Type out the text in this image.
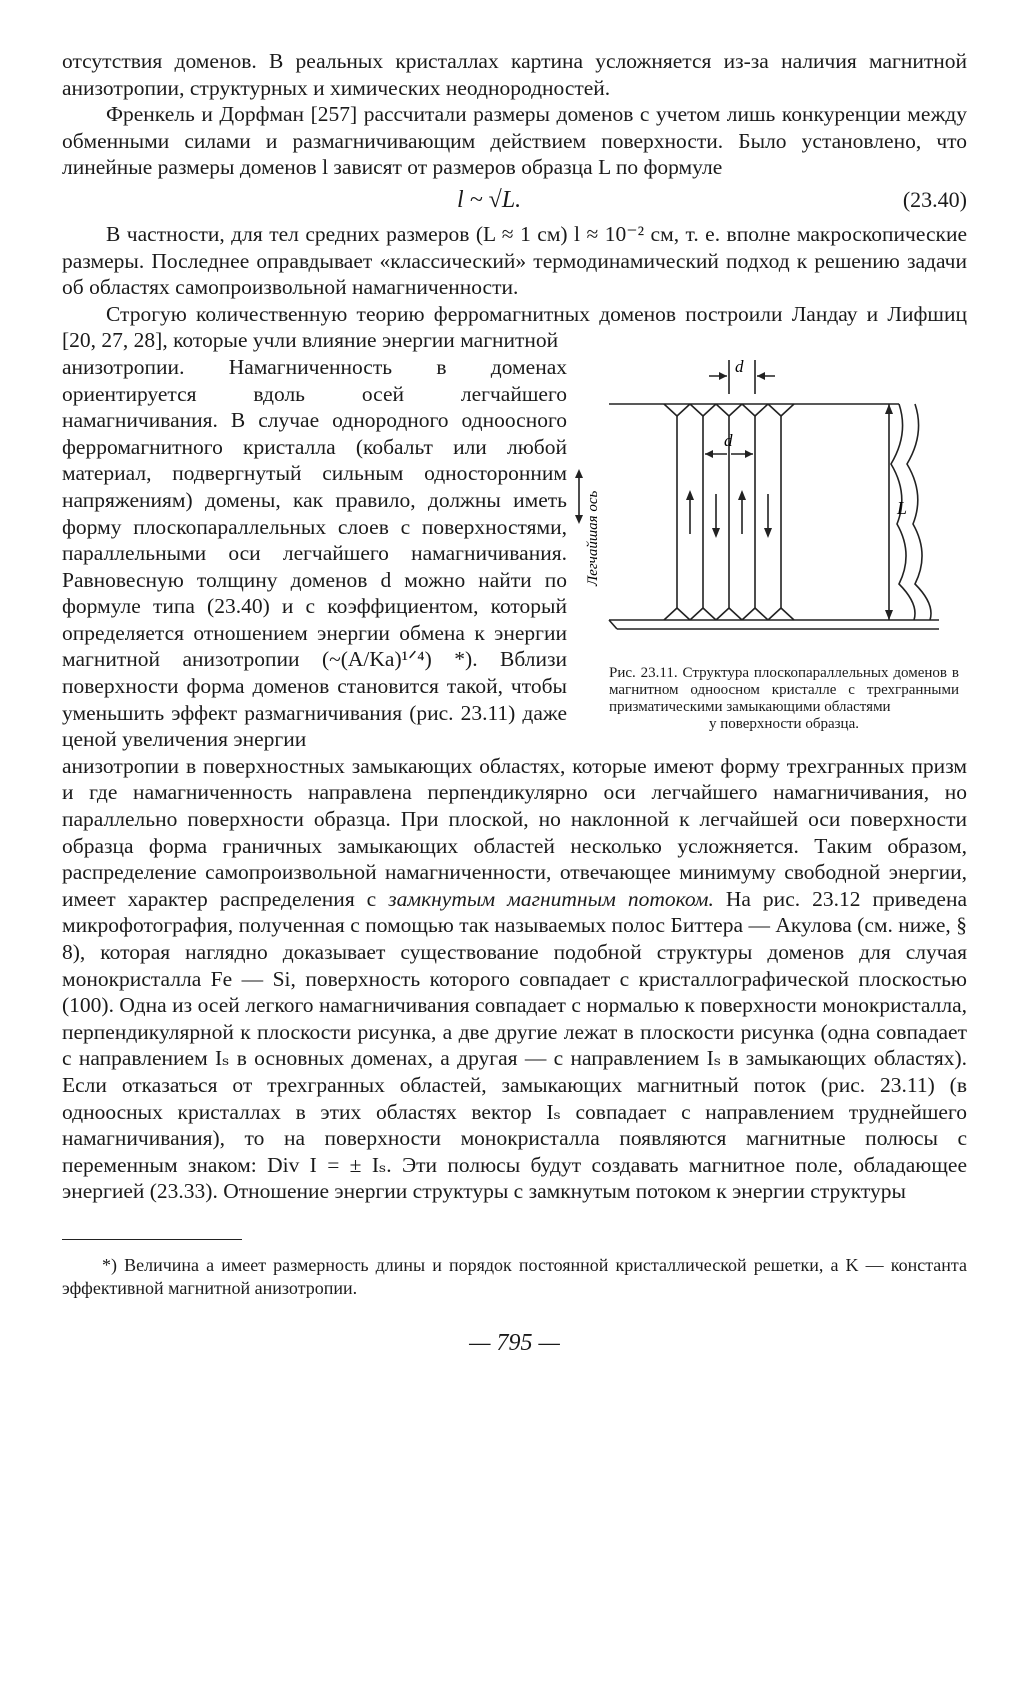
отсутствия доменов. В реальных кристаллах картина усложняется из-за наличия магнитной анизотропии, структурных и химических неоднородностей.

Френкель и Дорфман [257] рассчитали размеры доменов с учетом лишь конкуренции между обменными силами и размагничивающим действием поверхности. Было установлено, что линейные размеры доменов l зависят от размеров образца L по формуле

l ~ √L.	(23.40)

В частности, для тел средних размеров (L ≈ 1 см) l ≈ 10⁻² см, т. е. вполне макроскопические размеры. Последнее оправдывает «классический» термодинамический подход к решению задачи об областях самопроизвольной намагниченности.

Строгую количественную теорию ферромагнитных доменов построили Ландау и Лифшиц [20, 27, 28], которые учли влияние энергии магнитной

анизотропии. Намагниченность в доменах ориентируется вдоль осей легчайшего намагничивания. В случае однородного одноосного ферромагнитного кристалла (кобальт или любой материал, подвергнутый сильным односторонним напряжениям) домены, как правило, должны иметь форму плоскопараллельных слоев с поверхностями, параллельными оси легчайшего намагничивания. Равновесную толщину доменов d можно найти по формуле типа (23.40) и с коэффициентом, который определяется отношением энергии обмена к энергии магнитной анизотропии (~(A/Ka)¹ᐟ⁴) *). Вблизи поверхности форма доменов становится такой, чтобы уменьшить эффект размагничивания (рис. 23.11) даже ценой увеличения энергии

d
d
L
Легчайшая ось
Рис. 23.11. Структура плоскопараллельных доменов в магнитном одноосном кристалле с трехгранными призматическими замыкающими областями
у поверхности образца.

анизотропии в поверхностных замыкающих областях, которые имеют форму трехгранных призм и где намагниченность направлена перпендикулярно оси легчайшего намагничивания, но параллельно поверхности образца. При плоской, но наклонной к легчайшей оси поверхности образца форма граничных замыкающих областей несколько усложняется. Таким образом, распределение самопроизвольной намагниченности, отвечающее минимуму свободной энергии, имеет характер распределения с замкнутым магнитным потоком. На рис. 23.12 приведена микрофотография, полученная с помощью так называемых полос Биттера — Акулова (см. ниже, § 8), которая наглядно доказывает существование подобной структуры доменов для случая монокристалла Fe — Si, поверхность которого совпадает с кристаллографической плоскостью (100). Одна из осей легкого намагничивания совпадает с нормалью к поверхности монокристалла, перпендикулярной к плоскости рисунка, а две другие лежат в плоскости рисунка (одна совпадает с направлением Iₛ в основных доменах, а другая — с направлением Iₛ в замыкающих областях). Если отказаться от трехгранных областей, замыкающих магнитный поток (рис. 23.11) (в одноосных кристаллах в этих областях вектор Iₛ совпадает с направлением труднейшего намагничивания), то на поверхности монокристалла появляются магнитные полюсы с переменным знаком: Div I = ± Iₛ. Эти полюсы будут создавать магнитное поле, обладающее энергией (23.33). Отношение энергии структуры с замкнутым потоком к энергии структуры

*) Величина a имеет размерность длины и порядок постоянной кристаллической решетки, а K — константа эффективной магнитной анизотропии.

— 795 —
